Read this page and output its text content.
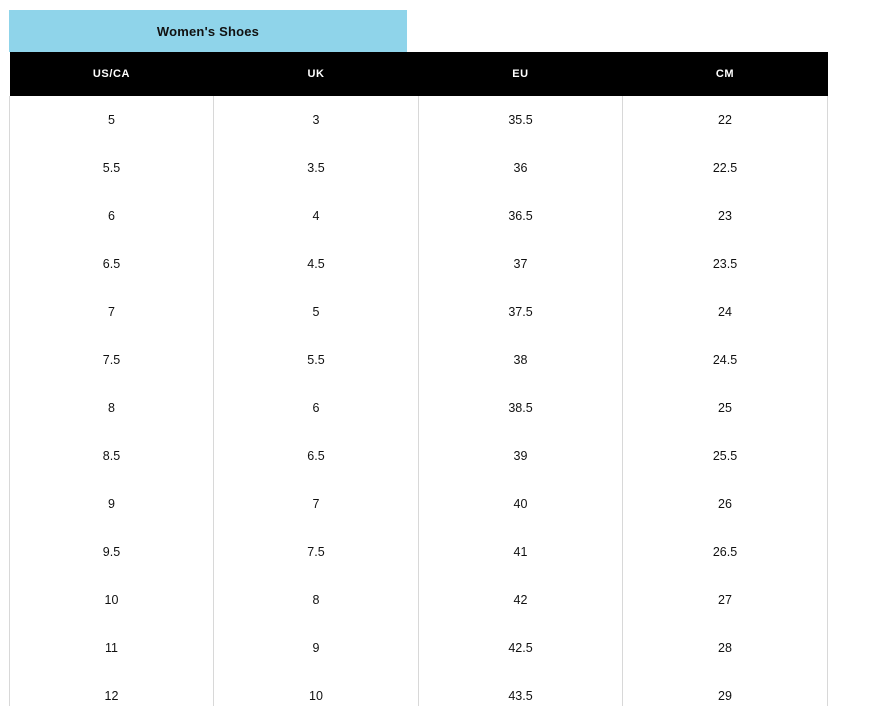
Women's Shoes
US/CA	UK	EU	CM
5	3	35.5	22
5.5	3.5	36	22.5
6	4	36.5	23
6.5	4.5	37	23.5
7	5	37.5	24
7.5	5.5	38	24.5
8	6	38.5	25
8.5	6.5	39	25.5
9	7	40	26
9.5	7.5	41	26.5
10	8	42	27
11	9	42.5	28
12	10	43.5	29
